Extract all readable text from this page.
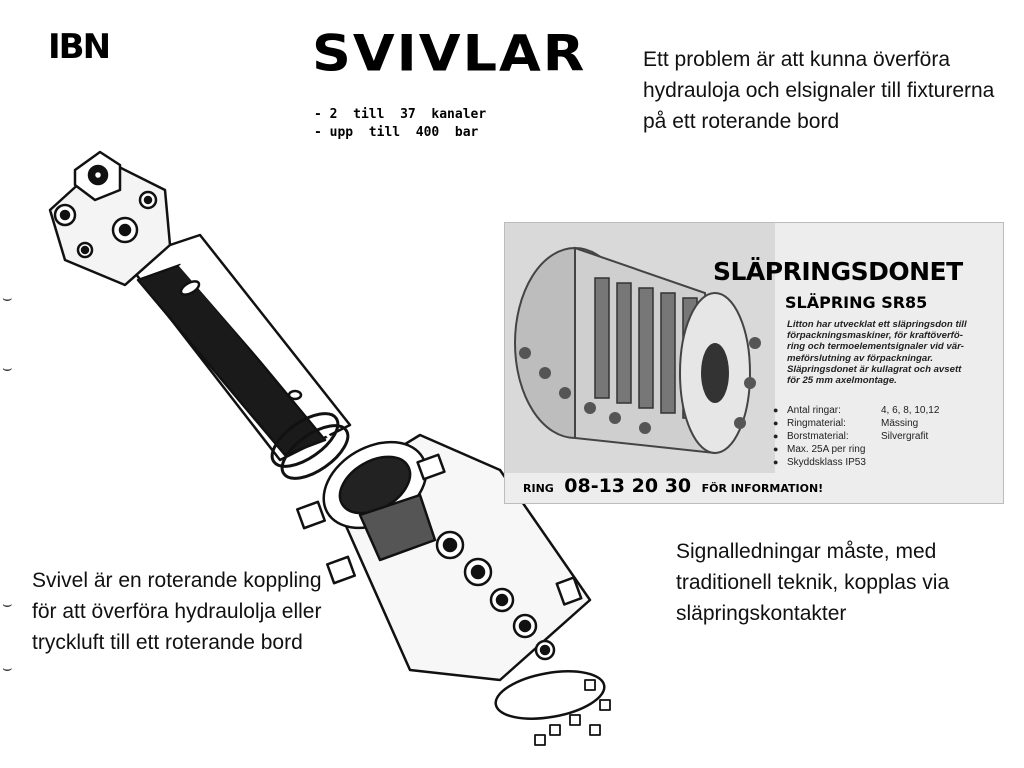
⌣
⌣
⌣
⌣
IBN	SVIVLAR
- 2  till  37  kanaler
- upp  till  400  bar
Ett problem är att kunna överföra hydrauloja och elsignaler till fixturerna på ett roterande bord
Signalledningar måste, med traditionell teknik, kopplas via släpringskontakter
Svivel är en roterande koppling för att överföra hydraulolja eller tryckluft till ett roterande bord
SLÄPRINGSDONET
SLÄPRING SR85
Litton har utvecklat ett släpringsdon till
förpackningsmaskiner, för kraftöverfö-
ring och termoelementsignaler vid vär-
meförslutning av förpackningar.
Släpringsdonet är kullagrat och avsett
för 25 mm axelmontage.
● Antal ringar:	4, 6, 8, 10,12
● Ringmaterial:	Mässing
● Borstmaterial:	Silvergrafit
● Max. 25A per ring
● Skyddsklass IP53
RING 08-13 20 30 FÖR INFORMATION!
